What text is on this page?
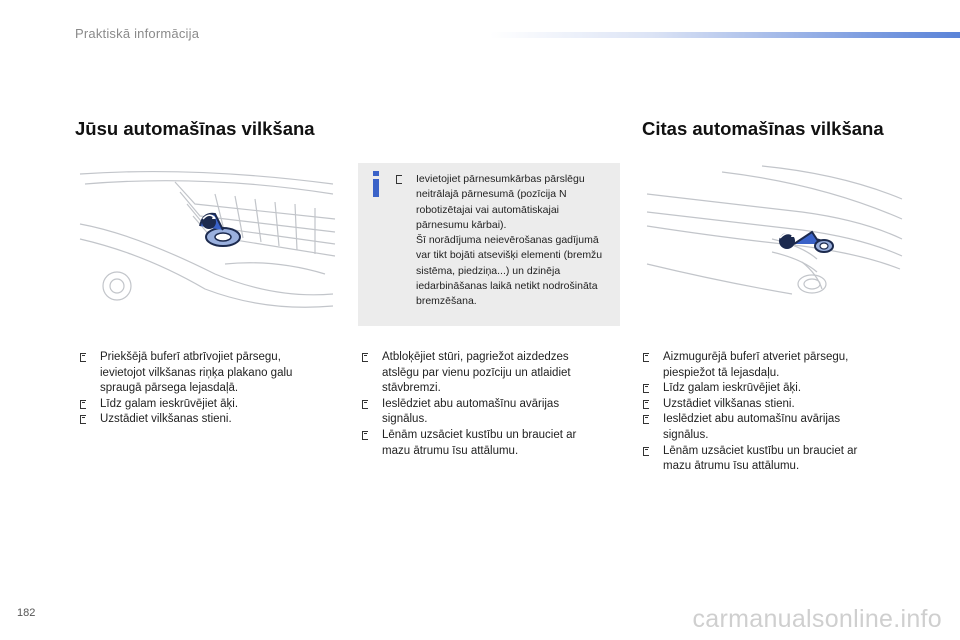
Praktiskā informācija
Jūsu automašīnas vilkšana	Citas automašīnas vilkšana
Ievietojiet pārnesumkārbas pārslēgu neitrālajā pārnesumā (pozīcija N robotizētajai vai automātiskajai pārnesumu kārbai).
Šī norādījuma neievērošanas gadījumā var tikt bojāti atsevišķi elementi (bremžu sistēma, piedziņa...) un dzinēja iedarbināšanas laikā netikt nodrošināta bremzēšana.
Priekšējā buferī atbrīvojiet pārsegu, ievietojot vilkšanas riņķa plakano galu spraugā pārsega lejasdaļā.
Līdz galam ieskrūvējiet āķi.
Uzstādiet vilkšanas stieni.
Atbloķējiet stūri, pagriežot aizdedzes atslēgu par vienu pozīciju un atlaidiet stāvbremzi.
Ieslēdziet abu automašīnu avārijas signālus.
Lēnām uzsāciet kustību un brauciet ar mazu ātrumu īsu attālumu.
Aizmugurējā buferī atveriet pārsegu, piespiežot tā lejasdaļu.
Līdz galam ieskrūvējiet āķi.
Uzstādiet vilkšanas stieni.
Ieslēdziet abu automašīnu avārijas signālus.
Lēnām uzsāciet kustību un brauciet ar mazu ātrumu īsu attālumu.
182	carmanualsonline.info
